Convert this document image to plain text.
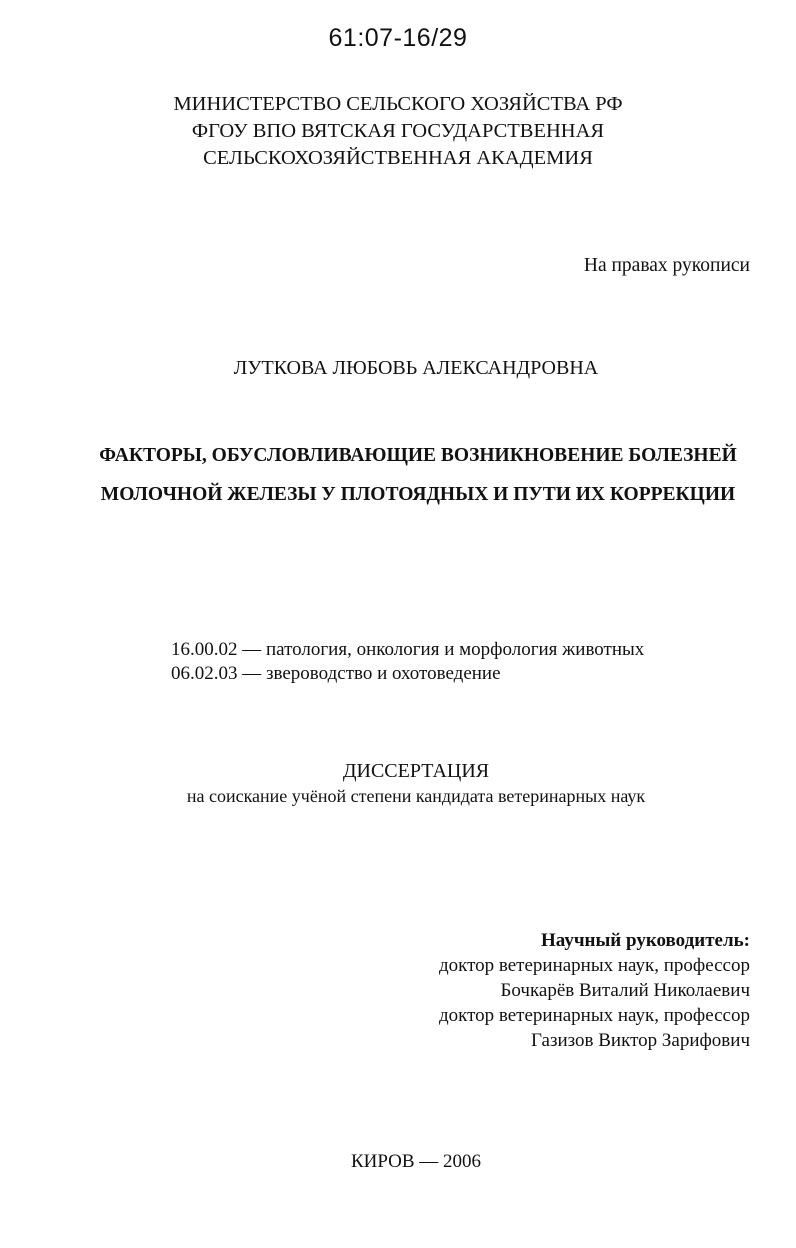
61:07-16/29
МИНИСТЕРСТВО СЕЛЬСКОГО ХОЗЯЙСТВА РФ
ФГОУ ВПО ВЯТСКАЯ ГОСУДАРСТВЕННАЯ
СЕЛЬСКОХОЗЯЙСТВЕННАЯ АКАДЕМИЯ
На правах рукописи
ЛУТКОВА ЛЮБОВЬ АЛЕКСАНДРОВНА
ФАКТОРЫ, ОБУСЛОВЛИВАЮЩИЕ ВОЗНИКНОВЕНИЕ БОЛЕЗНЕЙ
МОЛОЧНОЙ ЖЕЛЕЗЫ У ПЛОТОЯДНЫХ И ПУТИ ИХ КОРРЕКЦИИ
16.00.02 — патология, онкология и морфология животных
06.02.03 — звероводство и охотоведение
ДИССЕРТАЦИЯ
на соискание учёной степени кандидата ветеринарных наук
Научный руководитель:
доктор ветеринарных наук, профессор
Бочкарёв Виталий Николаевич
доктор ветеринарных наук, профессор
Газизов Виктор Зарифович
КИРОВ — 2006
